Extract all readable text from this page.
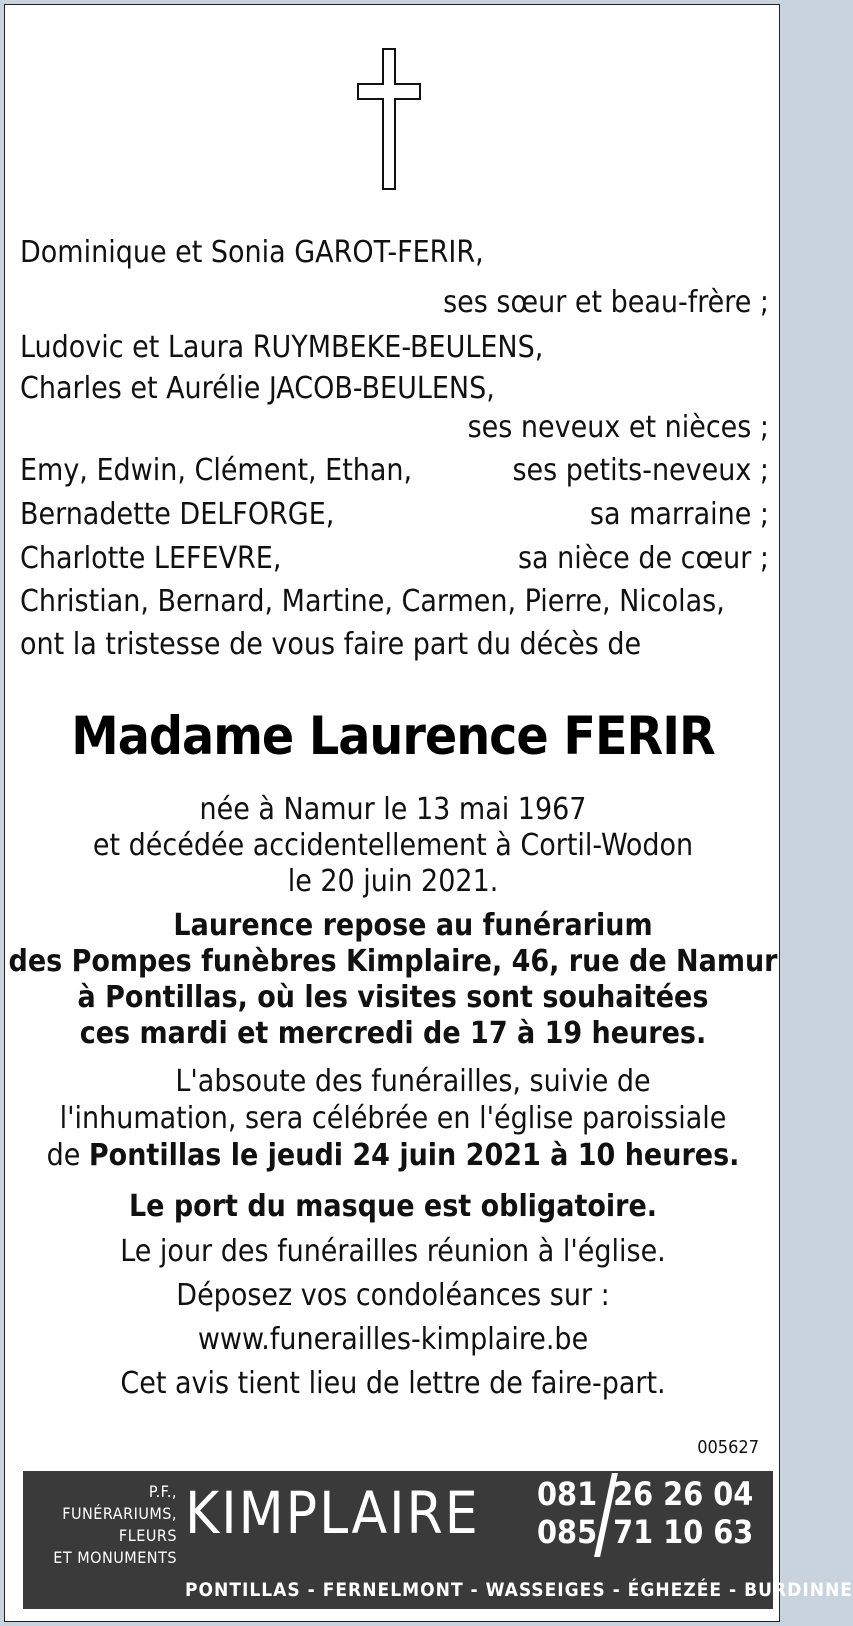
Dominique et Sonia GAROT-FERIR,
ses sœur et beau-frère ;
Ludovic et Laura RUYMBEKE-BEULENS,
Charles et Aurélie JACOB-BEULENS,
ses neveux et nièces ;
Emy, Edwin, Clément, Ethan,	ses petits-neveux ;
Bernadette DELFORGE,	sa marraine ;
Charlotte LEFEVRE,	sa nièce de cœur ;
Christian, Bernard, Martine, Carmen, Pierre, Nicolas,
ont la tristesse de vous faire part du décès de
Madame Laurence FERIR
née à Namur le 13 mai 1967
et décédée accidentellement à Cortil-Wodon
le 20 juin 2021.
Laurence repose au funérarium
des Pompes funèbres Kimplaire, 46, rue de Namur
à Pontillas, où les visites sont souhaitées
ces mardi et mercredi de 17 à 19 heures.
L'absoute des funérailles, suivie de
l'inhumation, sera célébrée en l'église paroissiale
de Pontillas le jeudi 24 juin 2021 à 10 heures.
Le port du masque est obligatoire.
Le jour des funérailles réunion à l'église.
Déposez vos condoléances sur :
www.funerailles-kimplaire.be
Cet avis tient lieu de lettre de faire-part.
005627
P.F.,
FUNÉRARIUMS,
FLEURS
ET MONUMENTS
KIMPLAIRE 081 26 26 04
085 71 10 63
PONTILLAS - FERNELMONT - WASSEIGES - ÉGHEZÉE - BURDINNE
